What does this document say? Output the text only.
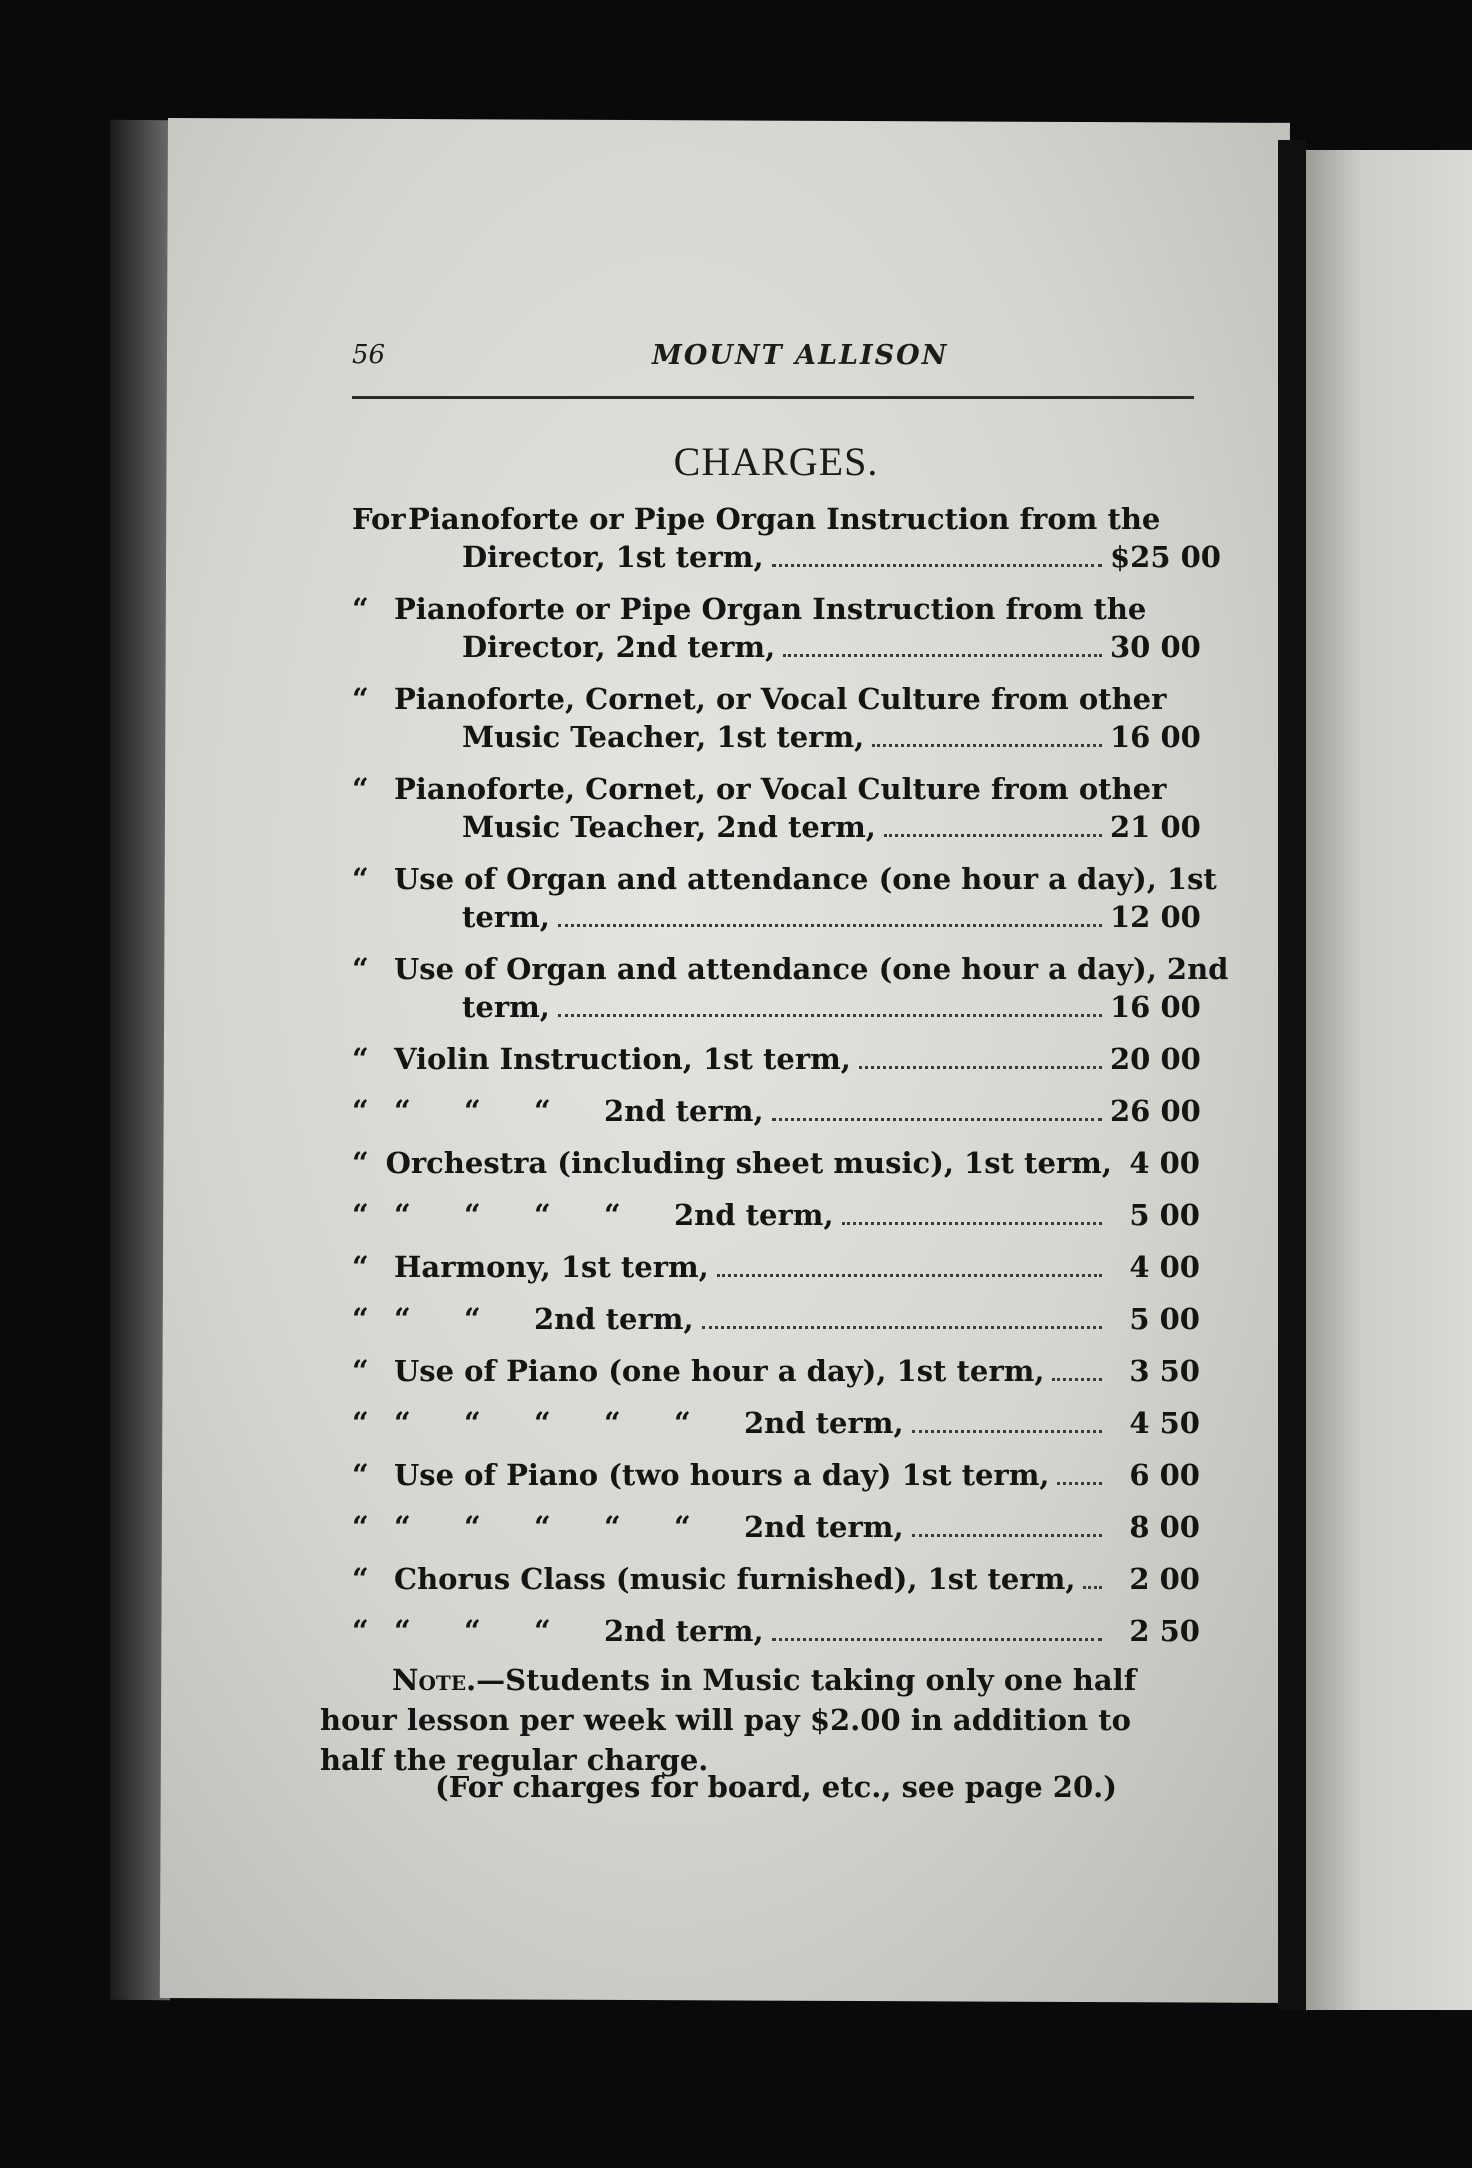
56	MOUNT ALLISON
CHARGES.
ForPianoforte or Pipe Organ Instruction from the
Director, 1st term,	$25 00
“ Pianoforte or Pipe Organ Instruction from the
Director, 2nd term,	30 00
“ Pianoforte, Cornet, or Vocal Culture from other
Music Teacher, 1st term,	16 00
“ Pianoforte, Cornet, or Vocal Culture from other
Music Teacher, 2nd term,	21 00
“ Use of Organ and attendance (one hour a day), 1st
term,	12 00
“ Use of Organ and attendance (one hour a day), 2nd
term,	16 00
“ Violin Instruction, 1st term,	20 00
“ “	“	“	2nd term,	26 00
“ Orchestra (including sheet music), 1st term, 4 00
“ “	“	“	“	2nd term,	5 00
“ Harmony, 1st term,	4 00
“ “	“	2nd term,	5 00
“ Use of Piano (one hour a day), 1st term,	3 50
“ “	“	“	“	“	2nd term,	4 50
“ Use of Piano (two hours a day) 1st term,	6 00
“ “	“	“	“	“	2nd term,	8 00
“ Chorus Class (music furnished), 1st term,	2 00
“ “	“	“	2nd term,	2 50
Note.—Students in Music taking only one half hour lesson per week will pay $2.00 in addition to half the regular charge.
(For charges for board, etc., see page 20.)
